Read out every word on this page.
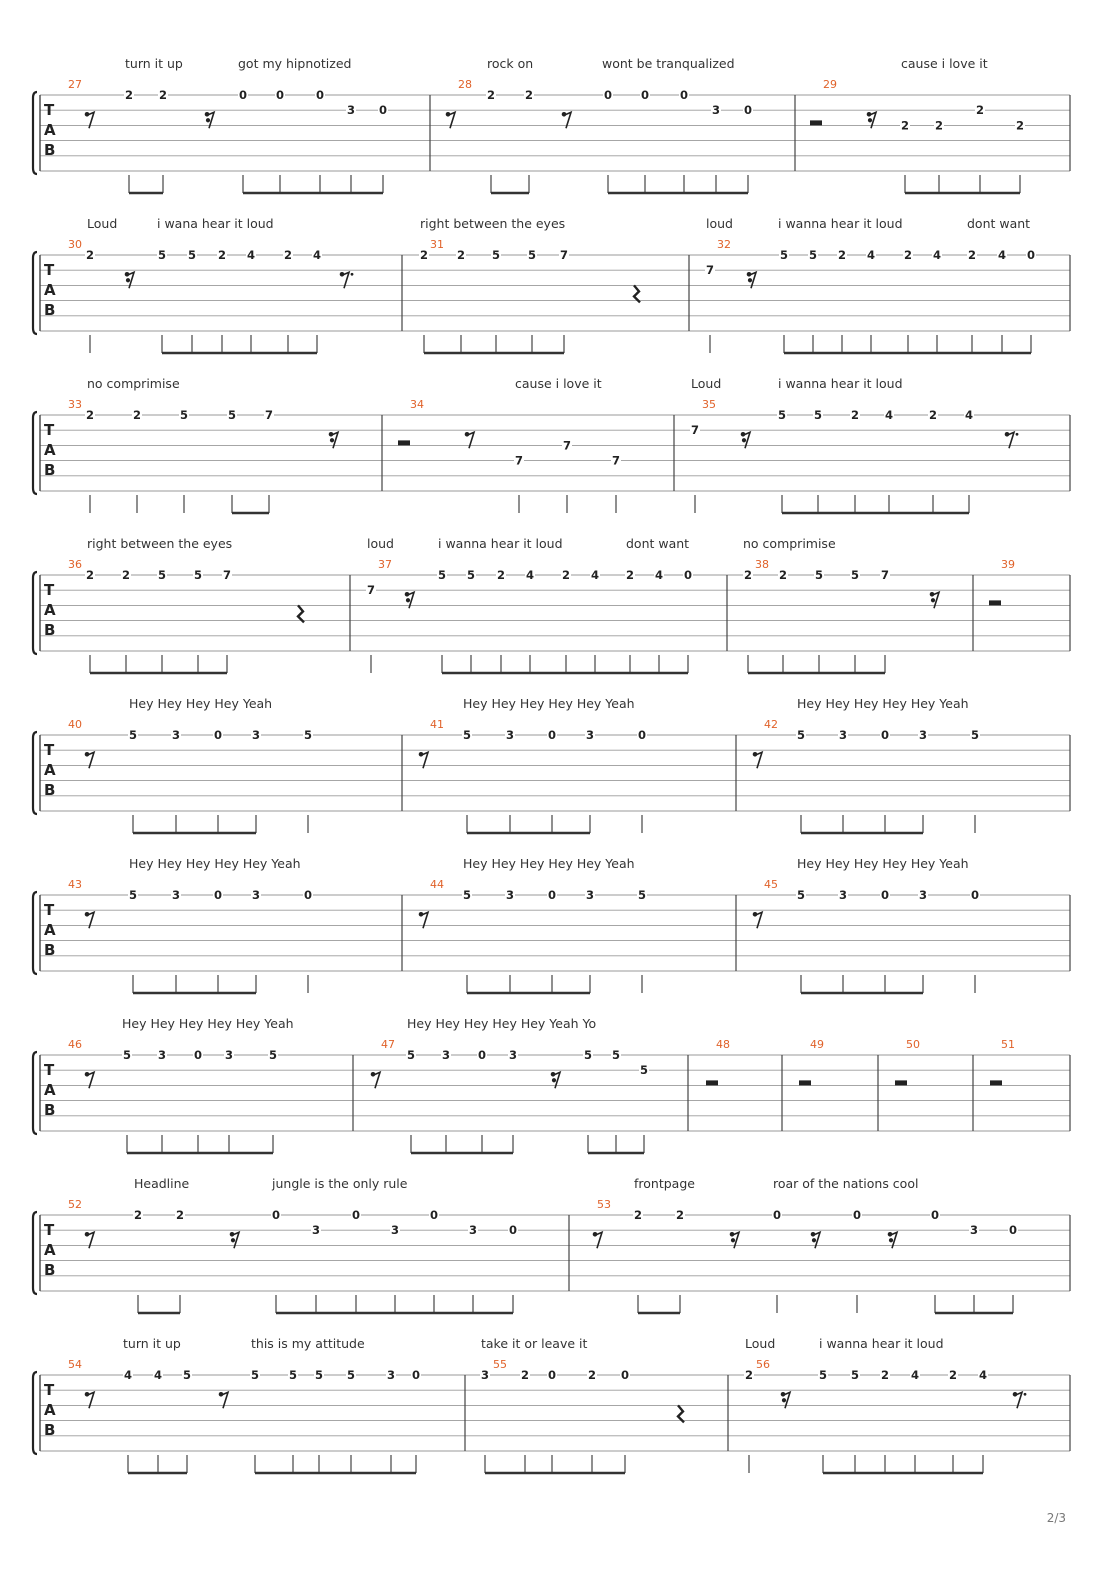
turn it up	got my hipnotized	rock on	wont be tranqualized	cause i love it
T
A
B
27
2 2	0	0	0
3 0
28
2	2	0	0	0
3 0
29
2 2
2
2
Loud	i wana hear it loud	right between the eyes	loud	i wanna hear it loud	dont want
T
A
B
30
2	5 5 2 4	2 4
31
2	2 5 5 7
32
7
5 5 2 4	2 4 2 4 0
no comprimise	cause i love it	Loud	i wanna hear it loud
T
A
B
33
2	2	5	5	7
34
7
7
7
35
7
5 5	2 4	2 4
right between the eyes	loud	i wanna hear it loud	dont want	no comprimise
T
A
B
36
2 2 5 5 7
37
7
5 5 2 4 2 4 2 4 0
38
2 2 5 5 7
39
Hey Hey Hey Hey Yeah	Hey Hey Hey Hey Hey Yeah	Hey Hey Hey Hey Hey Yeah
T
A
B
40
5	3	0	3	5
41
5	3	0	3	0
42
5	3	0	3	5
Hey Hey Hey Hey Hey Yeah	Hey Hey Hey Hey Hey Yeah	Hey Hey Hey Hey Hey Yeah
T
A
B
43
5	3	0	3	0
44
5	3	0	3	5
45
5	3	0	3	0
Hey Hey Hey Hey Hey Yeah	Hey Hey Hey Hey Hey Yeah Yo
T
A
B
46
5 3 0 3	5
47
5 3 0 3	5 5
5
48	49	50	51
Headline	jungle is the only rule	frontpage	roar of the nations cool
T
A
B
52
2	2	0
3
0
3
0
3	0
53
2	2	0	0	0
3	0
turn it up	this is my attitude	take it or leave it	Loud	i wanna hear it loud
T
A
B
54
4 4 5	5	5 5 5	3 0
55
3	2 0	2 0
56
2	5 5 2 4	2 4
2/3
